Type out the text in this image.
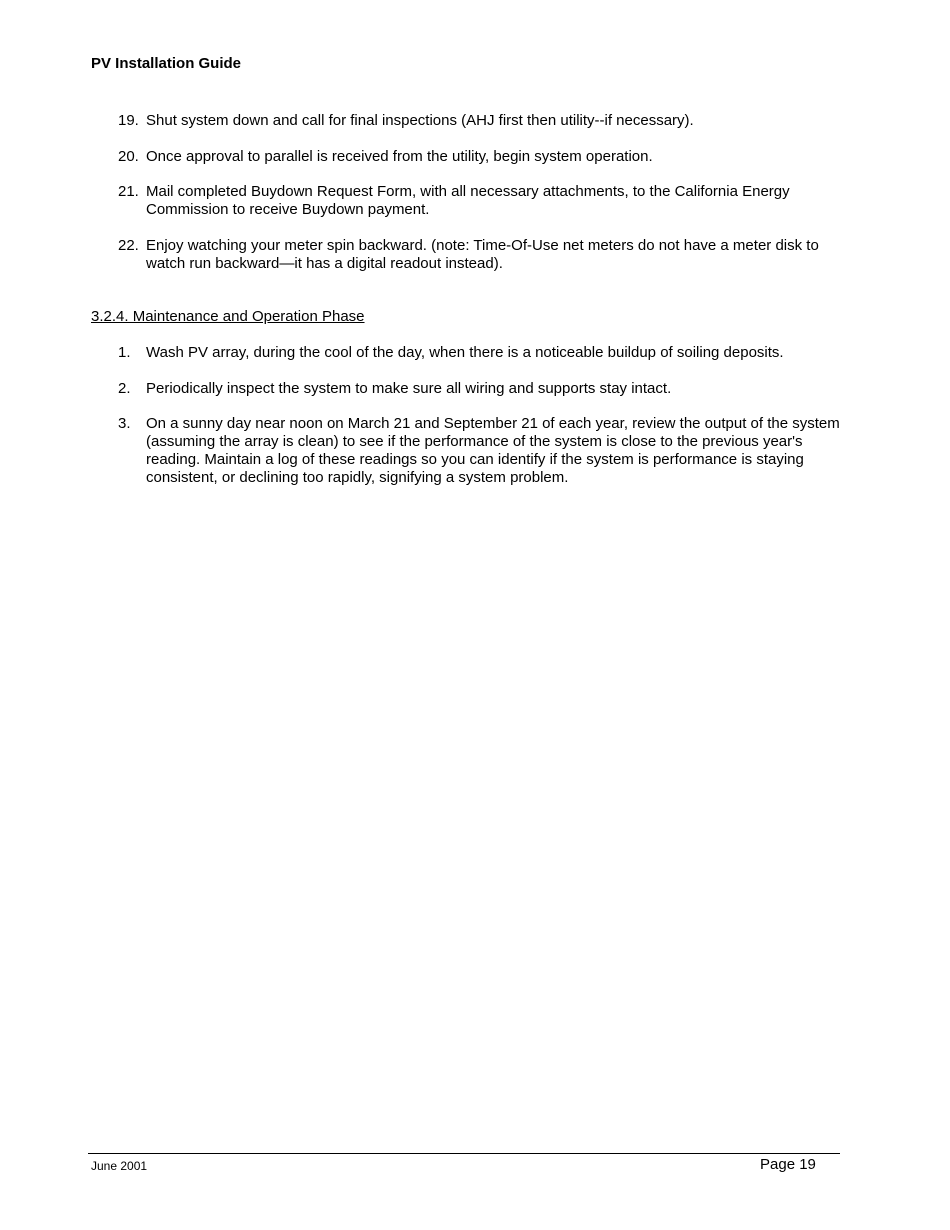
PV Installation Guide
19. Shut system down and call for final inspections (AHJ first then utility--if necessary).
20. Once approval to parallel is received from the utility, begin system operation.
21. Mail completed Buydown Request Form, with all necessary attachments, to the California Energy Commission to receive Buydown payment.
22. Enjoy watching your meter spin backward. (note: Time-Of-Use net meters do not have a meter disk to watch run backward—it has a digital readout instead).
3.2.4. Maintenance and Operation Phase
1.	Wash PV array, during the cool of the day, when there is a noticeable buildup of soiling deposits.
2.	Periodically inspect the system to make sure all wiring and supports stay intact.
3.	On a sunny day near noon on March 21 and September 21 of each year, review the output of the system (assuming the array is clean) to see if the performance of the system is close to the previous year's reading. Maintain a log of these readings so you can identify if the system is performance is staying consistent, or declining too rapidly, signifying a system problem.
June 2001	Page 19
